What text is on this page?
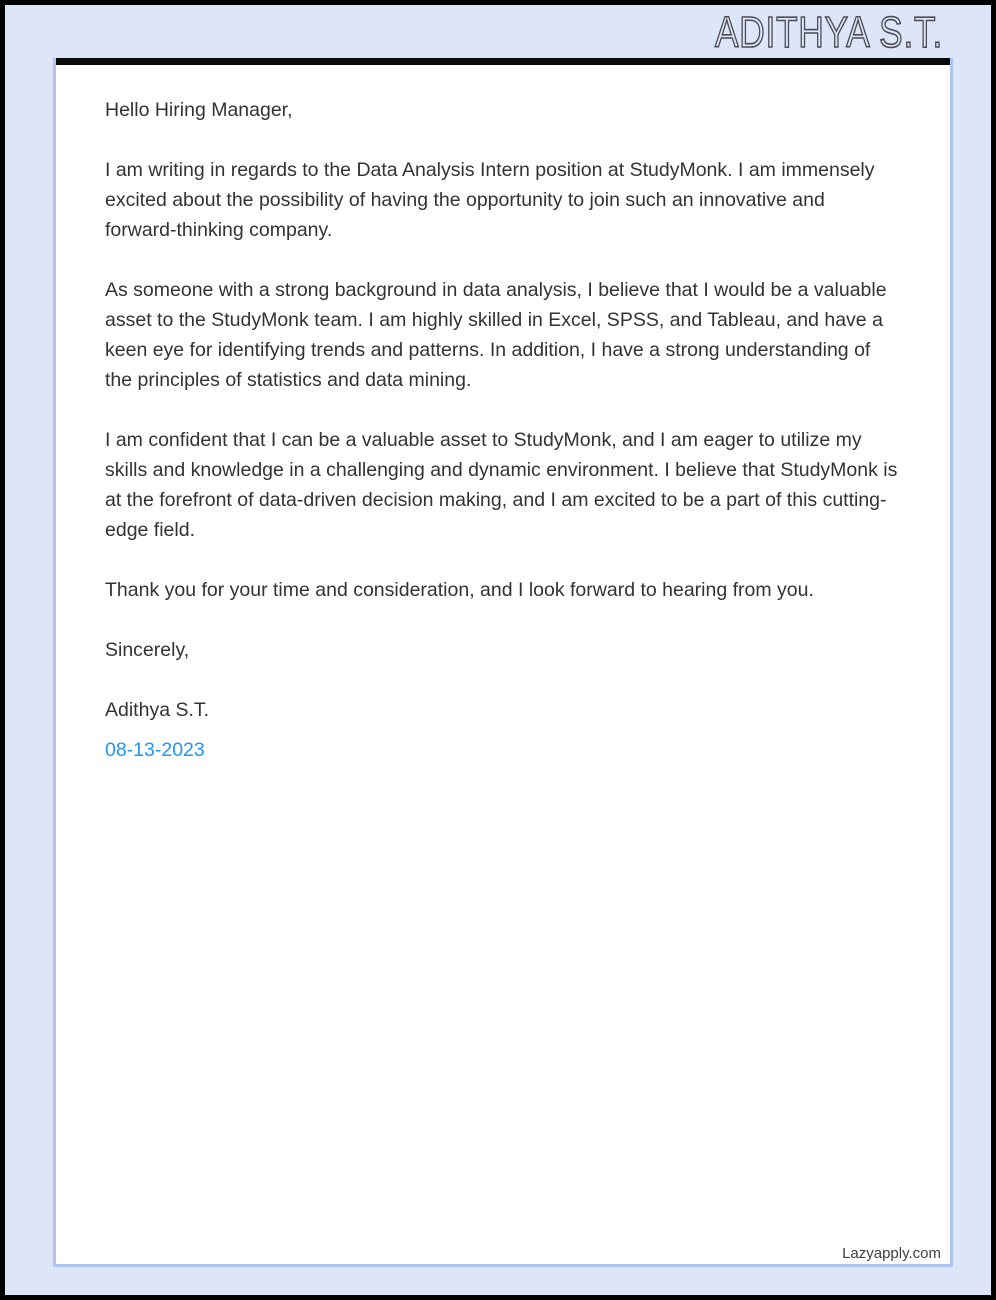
ADITHYA S.T.

Hello Hiring Manager,

I am writing in regards to the Data Analysis Intern position at StudyMonk. I am immensely excited about the possibility of having the opportunity to join such an innovative and forward-thinking company.

As someone with a strong background in data analysis, I believe that I would be a valuable asset to the StudyMonk team. I am highly skilled in Excel, SPSS, and Tableau, and have a keen eye for identifying trends and patterns. In addition, I have a strong understanding of the principles of statistics and data mining.

I am confident that I can be a valuable asset to StudyMonk, and I am eager to utilize my skills and knowledge in a challenging and dynamic environment. I believe that StudyMonk is at the forefront of data-driven decision making, and I am excited to be a part of this cutting-edge field.

Thank you for your time and consideration, and I look forward to hearing from you.

Sincerely,

Adithya S.T.

08-13-2023

Lazyapply.com
